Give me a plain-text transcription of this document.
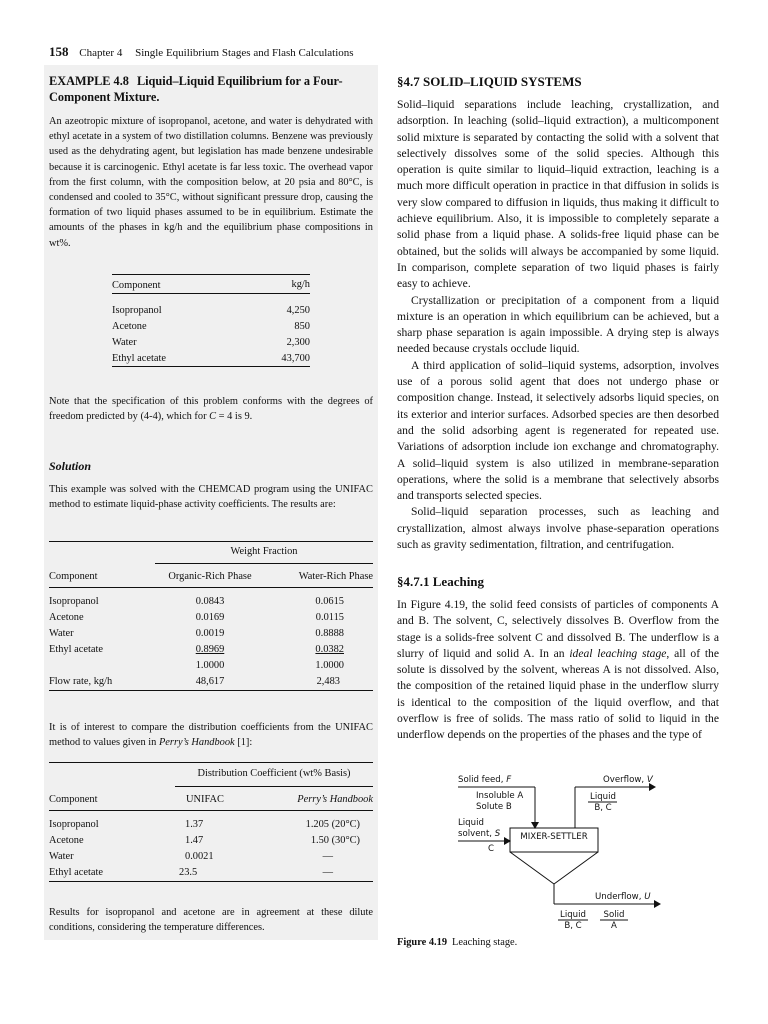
158 Chapter 4 Single Equilibrium Stages and Flash Calculations
EXAMPLE 4.8 Liquid–Liquid Equilibrium for a Four-Component Mixture.
An azeotropic mixture of isopropanol, acetone, and water is dehydrated with ethyl acetate in a system of two distillation columns. Benzene was previously used as the dehydrating agent, but legislation has made benzene undesirable because it is carcinogenic. Ethyl acetate is far less toxic. The overhead vapor from the first column, with the composition below, at 20 psia and 80°C, is condensed and cooled to 35°C, without significant pressure drop, causing the formation of two liquid phases assumed to be in equilibrium. Estimate the amounts of the phases in kg/h and the equilibrium phase compositions in wt%.
Component	kg/h

Isopropanol	4,250
Acetone	850
Water	2,300
Ethyl acetate	43,700

Note that the specification of this problem conforms with the degrees of freedom predicted by (4-4), which for C = 4 is 9.
Solution
This example was solved with the CHEMCAD program using the UNIFAC method to estimate liquid-phase activity coefficients. The results are:
Weight Fraction
Component	Organic-Rich Phase	Water-Rich Phase

Isopropanol	0.0843	0.0615
Acetone	0.0169	0.0115
Water	0.0019	0.8888
Ethyl acetate	0.8969	0.0382
	1.0000	1.0000
Flow rate, kg/h	48,617	2,483

It is of interest to compare the distribution coefficients from the UNIFAC method to values given in Perry’s Handbook [1]:
Distribution Coefficient (wt% Basis)
Component	UNIFAC	Perry’s Handbook

Isopropanol	1.37	1.205 (20°C)
Acetone	1.47	1.50 (30°C)
Water	0.0021	—
Ethyl acetate	23.5	—

Results for isopropanol and acetone are in agreement at these dilute conditions, considering the temperature differences.
§4.7 SOLID–LIQUID SYSTEMS

Solid–liquid separations include leaching, crystallization, and adsorption. In leaching (solid–liquid extraction), a multicomponent solid mixture is separated by contacting the solid with a solvent that selectively dissolves some of the solid species. Although this operation is quite similar to liquid–liquid extraction, leaching is a much more difficult operation in practice in that diffusion in solids is very slow compared to diffusion in liquids, thus making it difficult to achieve equilibrium. Also, it is impossible to completely separate a solid phase from a liquid phase. A solids-free liquid phase can be obtained, but the solids will always be accompanied by some liquid. In comparison, complete separation of two liquid phases is fairly easy to achieve.

Crystallization or precipitation of a component from a liquid mixture is an operation in which equilibrium can be achieved, but a sharp phase separation is again impossible. A drying step is always needed because crystals occlude liquid.

A third application of solid–liquid systems, adsorption, involves use of a porous solid agent that does not undergo phase or composition change. Instead, it selectively adsorbs liquid species, on its exterior and interior surfaces. Adsorbed species are then desorbed and the solid adsorbing agent is regenerated for repeated use. Variations of adsorption include ion exchange and chromatography. A solid–liquid system is also utilized in membrane-separation operations, where the solid is a membrane that selectively absorbs and transports selected species.

Solid–liquid separation processes, such as leaching and crystallization, almost always involve phase-separation operations such as gravity sedimentation, filtration, and centrifugation.

§4.7.1 Leaching

In Figure 4.19, the solid feed consists of particles of components A and B. The solvent, C, selectively dissolves B. Overflow from the stage is a solids-free solvent C and dissolved B. The underflow is a slurry of liquid and solid A. In an ideal leaching stage, all of the solute is dissolved by the solvent, whereas A is not dissolved. Also, the composition of the retained liquid phase in the underflow slurry is identical to the composition of the liquid overflow, and that overflow is free of solids. The mass ratio of solid to liquid in the underflow depends on the properties of the phases and the type of

Solid feed, F
Insoluble A
Solute B
Overflow, V
Liquid
B, C
Liquid
solvent, S
C
MIXER-SETTLER
Underflow, U
Liquid
B, C
Solid
A
Figure 4.19 Leaching stage.
